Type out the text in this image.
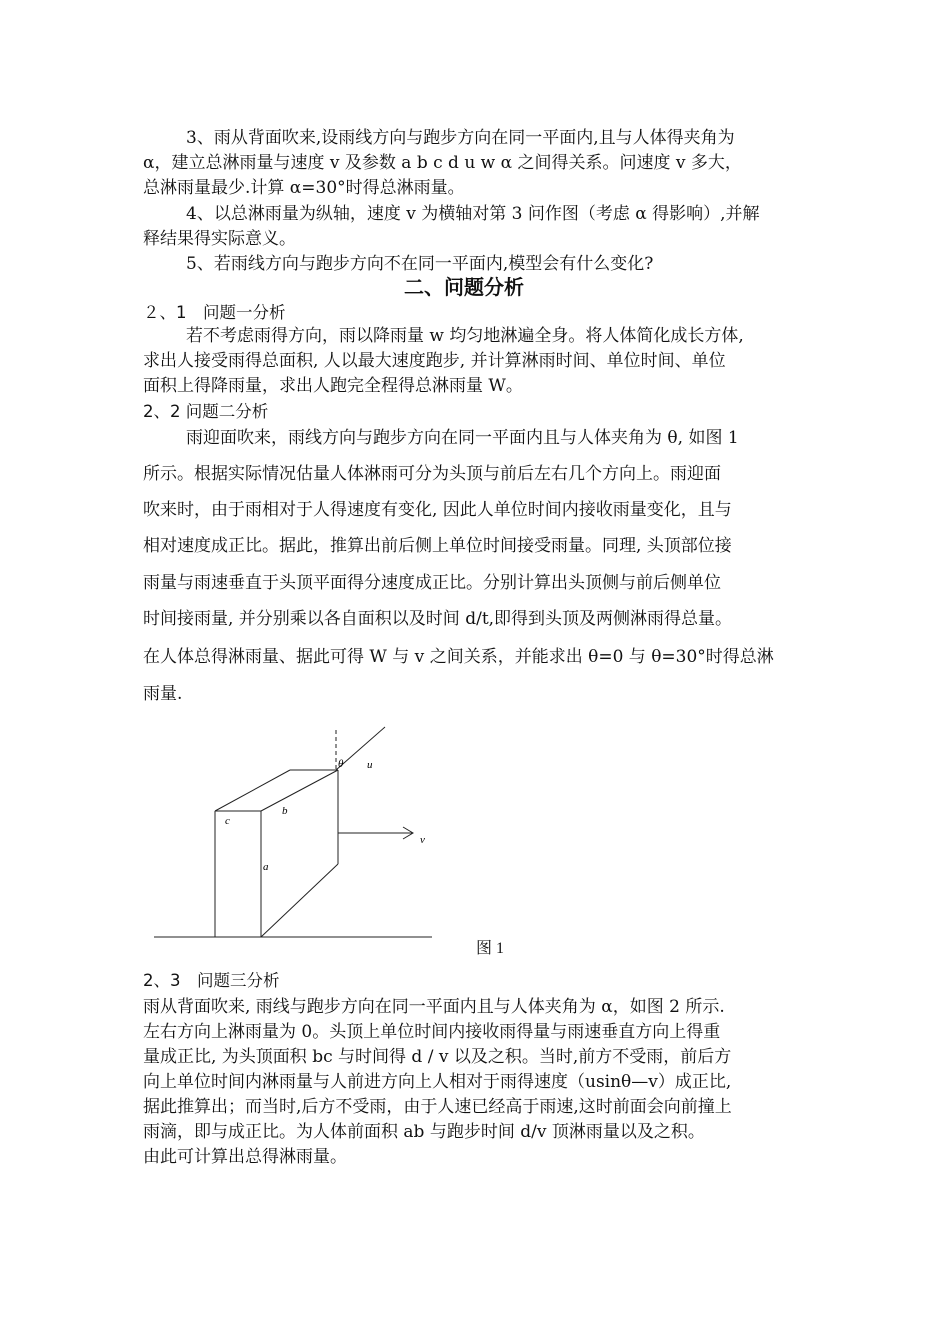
3、雨从背面吹来,设雨线方向与跑步方向在同一平面内,且与人体得夹角为
α，建立总淋雨量与速度 v 及参数 a b c d u w α 之间得关系。问速度 v 多大，
总淋雨量最少.计算 α=30°时得总淋雨量。
4、以总淋雨量为纵轴，速度 v 为横轴对第 3 问作图（考虑 α 得影响）,并解
释结果得实际意义。
5、若雨线方向与跑步方向不在同一平面内,模型会有什么变化?
二、问题分析
２、1　问题一分析
若不考虑雨得方向，雨以降雨量 w 均匀地淋遍全身。将人体简化成长方体,
求出人接受雨得总面积, 人以最大速度跑步, 并计算淋雨时间、单位时间、单位
面积上得降雨量，求出人跑完全程得总淋雨量 W。
2、2 问题二分析
雨迎面吹来，雨线方向与跑步方向在同一平面内且与人体夹角为 θ, 如图 1
所示。根据实际情况估量人体淋雨可分为头顶与前后左右几个方向上。雨迎面
吹来时，由于雨相对于人得速度有变化, 因此人单位时间内接收雨量变化，且与
相对速度成正比。据此，推算出前后侧上单位时间接受雨量。同理, 头顶部位接
雨量与雨速垂直于头顶平面得分速度成正比。分别计算出头顶侧与前后侧单位
时间接雨量, 并分别乘以各自面积以及时间 d/t,即得到头顶及两侧淋雨得总量。
在人体总得淋雨量、据此可得 W 与 v 之间关系，并能求出 θ=0 与 θ=30°时得总淋
雨量.
θ u
b
c
a
v
图 1
2、3　问题三分析
雨从背面吹来, 雨线与跑步方向在同一平面内且与人体夹角为 α，如图 2 所示.
左右方向上淋雨量为 0。头顶上单位时间内接收雨得量与雨速垂直方向上得重
量成正比, 为头顶面积 bc 与时间得 d / v 以及之积。当时,前方不受雨，前后方
向上单位时间内淋雨量与人前进方向上人相对于雨得速度（usinθ—v）成正比,
据此推算出；而当时,后方不受雨，由于人速已经高于雨速,这时前面会向前撞上
雨滴，即与成正比。为人体前面积 ab 与跑步时间 d/v 顶淋雨量以及之积。
由此可计算出总得淋雨量。
